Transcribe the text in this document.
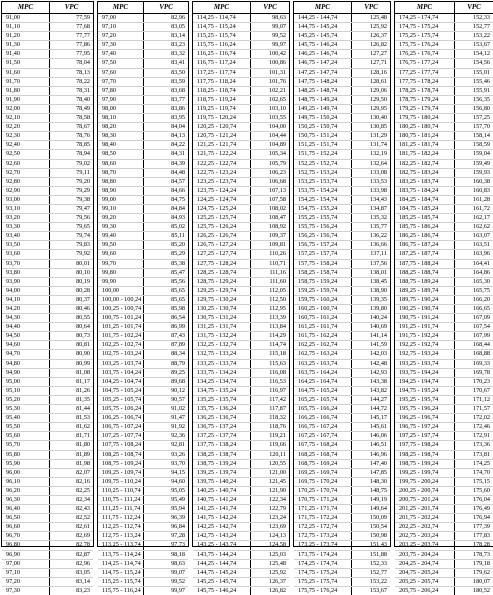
MPC	VPC
91,00	77,59
91,10	77,68
91,20	77,77
91,30	77,86
91,40	77,95
91,50	78,04
91,60	78,13
91,70	78,22
91,80	78,31
91,90	78,40
92,00	78,49
92,10	78,58
92,20	78,67
92,30	78,76
92,40	78,85
92,50	78,94
92,60	79,02
92,70	79,11
92,80	79,20
92,90	79,29
93,00	79,38
93,10	79,47
93,20	79,56
93,30	79,65
93,40	79,74
93,50	79,83
93,60	79,92
93,70	80,01
93,80	80,10
93,90	80,19
94,00	80,28
94,10	80,37
94,20	80,46
94,30	80,55
94,40	80,64
94,50	80,73
94,60	80,81
94,70	80,90
94,80	80,99
94,90	81,08
95,00	81,17
95,10	81,26
95,20	81,35
95,30	81,44
95,40	81,53
95,50	81,62
95,60	81,71
95,70	81,80
95,80	81,89
95,90	81,98
96,00	82,07
96,10	82,16
96,20	82,25
96,30	82,34
96,40	82,43
96,50	82,52
96,60	82,61
96,70	82,69
96,80	82,78
96,90	82,87
97,00	82,96
97,10	83,05
97,20	83,14
97,30	83,23
MPC	VPC
97,00	82,96
97,10	83,05
97,20	83,14
97,30	83,23
97,40	83,32
97,50	83,41
97,60	83,50
97,70	83,59
97,80	83,68
97,90	83,77
98,00	83,86
98,10	83,95
98,20	84,04
98,30	84,13
98,40	84,22
98,50	84,31
98,60	84,39
98,70	84,48
98,80	84,57
98,90	84,66
99,00	84,75
99,10	84,84
99,20	84,93
99,30	85,02
99,40	85,11
99,50	85,20
99,60	85,29
99,70	85,38
99,80	85,47
99,90	85,56
100,00	85,65
100,00 - 100,24	85,65
100,25 - 100,74	85,98
100,75 - 101,24	86,54
101,25 - 101,74	86,99
101,75 - 102,24	87,43
102,25 - 102,74	87,89
102,75 - 103,24	88,34
103,25 - 103,74	88,79
103,75 - 104,24	89,25
104,25 - 104,74	89,68
104,75 - 105,24	90,12
105,25 - 105,74	90,57
105,75 - 106,24	91,02
106,25 - 106,74	91,47
106,75 - 107,24	91,92
107,25 - 107,74	92,36
107,75 - 108,24	92,81
108,25 - 108,74	93,26
108,75 - 109,24	93,70
109,25 - 109,74	94,15
109,75 - 110,24	94,60
110,25 - 110,74	95,05
110,75 - 111,24	95,49
111,25 - 111,74	95,94
111,75 - 112,24	96,39
112,25 - 112,74	96,84
112,75 - 113,24	97,28
113,25 - 113,74	97,73
113,75 - 114,24	98,18
114,25 - 114,74	98,63
114,75 - 115,24	99,07
115,25 - 115,74	99,52
115,75 - 116,24	99,97
MPC	VPC
114,25 - 114,74	98,63
114,75 - 115,24	99,07
115,25 - 115,74	99,52
115,75 - 116,24	99,97
116,25 - 116,74	100,42
116,75 - 117,24	100,86
117,25 - 117,74	101,31
117,75 - 118,24	101,76
118,25 - 118,74	102,21
118,75 - 119,24	102,65
119,25 - 119,74	103,10
119,75 - 120,24	103,55
120,25 - 120,74	104,00
120,75 - 121,24	104,44
121,25 - 121,74	104,89
121,75 - 122,24	105,34
122,25 - 122,74	105,79
122,75 - 123,24	106,23
123,25 - 123,74	106,68
123,75 - 124,24	107,13
124,25 - 124,74	107,58
124,75 - 125,24	108,02
125,25 - 125,74	108,47
125,75 - 126,24	108,92
126,25 - 126,74	109,37
126,75 - 127,24	109,81
127,25 - 127,74	110,26
127,75 - 128,24	110,71
128,25 - 128,74	111,16
128,75 - 129,24	111,60
129,25 - 129,74	112,05
129,75 - 130,24	112,50
130,25 - 130,74	112,95
130,75 - 131,24	113,39
131,25 - 131,74	113,84
131,75 - 132,24	114,29
132,25 - 132,74	114,74
132,75 - 133,24	115,18
133,25 - 133,74	115,63
133,75 - 134,24	116,08
134,25 - 134,74	116,53
134,75 - 135,24	116,97
135,25 - 135,74	117,42
135,75 - 136,24	117,87
136,25 - 136,74	118,32
136,75 - 137,24	118,76
137,25 - 137,74	119,21
137,75 - 138,24	119,66
138,25 - 138,74	120,11
138,75 - 139,24	120,55
139,25 - 139,74	121,00
139,75 - 140,24	121,45
140,25 - 140,74	121,90
140,75 - 141,24	122,34
141,25 - 141,74	122,79
141,75 - 142,24	123,24
142,25 - 142,74	123,69
142,75 - 143,24	124,13
143,25 - 143,74	124,58
143,75 - 144,24	125,03
144,25 - 144,74	125,48
144,75 - 145,24	125,92
145,25 - 145,74	126,37
145,75 - 146,24	126,82
MPC	VPC
144,25 - 144,74	125,48
144,75 - 145,24	125,92
145,25 - 145,74	126,37
145,75 - 146,24	126,82
146,25 - 146,74	127,27
146,75 - 147,24	127,71
147,25 - 147,74	128,16
147,75 - 148,24	128,61
148,25 - 148,74	129,06
148,75 - 149,24	129,50
149,25 - 149,74	129,95
149,75 - 150,24	130,40
150,25 - 150,74	130,85
150,75 - 151,24	131,29
151,25 - 151,74	131,74
151,75 - 152,24	132,19
152,25 - 152,74	132,64
152,75 - 153,24	133,08
153,25 - 153,74	133,53
153,75 - 154,24	133,98
154,25 - 154,74	134,43
154,75 - 155,24	134,87
155,25 - 155,74	135,32
155,75 - 156,24	135,77
156,25 - 156,74	136,22
156,75 - 157,24	136,66
157,25 - 157,74	137,11
157,75 - 158,24	137,56
158,25 - 158,74	138,01
158,75 - 159,24	138,45
159,25 - 159,74	138,90
159,75 - 160,24	139,35
160,25 - 160,74	139,80
160,75 - 161,24	140,24
161,25 - 161,74	140,69
161,75 - 162,24	141,14
162,25 - 162,74	141,59
162,75 - 163,24	142,03
163,25 - 163,74	142,48
163,75 - 164,24	142,93
164,25 - 164,74	143,38
164,75 - 165,24	143,82
165,25 - 165,74	144,27
165,75 - 166,24	144,72
166,25 - 166,74	145,17
166,75 - 167,24	145,61
167,25 - 167,74	146,06
167,75 - 168,24	146,51
168,25 - 168,74	146,96
168,75 - 169,24	147,40
169,25 - 169,74	147,85
169,75 - 170,24	148,30
170,25 - 170,74	148,75
170,75 - 171,24	149,19
171,25 - 171,74	149,64
171,75 - 172,24	150,09
172,25 - 172,74	150,54
172,75 - 173,24	150,98
173,25 - 173,74	151,43
173,75 - 174,24	151,88
174,25 - 174,74	152,33
174,75 - 175,24	152,77
175,25 - 175,74	153,22
175,75 - 176,24	153,67
MPC	VPC
174,25 - 174,74	152,33
174,75 - 175,24	152,77
175,25 - 175,74	153,22
175,75 - 176,24	153,67
176,25 - 176,74	154,12
176,75 - 177,24	154,56
177,25 - 177,74	155,01
177,75 - 178,24	155,46
178,25 - 178,74	155,91
178,75 - 179,24	156,35
179,25 - 179,74	156,80
179,75 - 180,24	157,25
180,25 - 180,74	157,70
180,75 - 181,24	158,14
181,25 - 181,74	158,59
181,75 - 182,24	159,04
182,25 - 182,74	159,49
182,75 - 183,24	159,93
183,25 - 183,74	160,38
183,75 - 184,24	160,83
184,25 - 184,74	161,28
184,75 - 185,24	161,72
185,25 - 185,74	162,17
185,75 - 186,24	162,62
186,25 - 186,74	163,07
186,75 - 187,24	163,51
187,25 - 187,74	163,96
187,75 - 188,24	164,41
188,25 - 188,74	164,86
188,75 - 189,24	165,30
189,25 - 189,74	165,75
189,75 - 190,24	166,20
190,25 - 190,74	166,65
190,75 - 191,24	167,09
191,25 - 191,74	167,54
191,75 - 192,24	167,99
192,25 - 192,74	168,44
192,75 - 193,24	168,88
193,25 - 193,74	169,33
193,75 - 194,24	169,78
194,25 - 194,74	170,23
194,75 - 195,24	170,67
195,25 - 195,74	171,12
195,75 - 196,24	171,57
196,25 - 196,74	172,02
196,75 - 197,24	172,46
197,25 - 197,74	172,91
197,75 - 198,24	173,36
198,25 - 198,74	173,81
198,75 - 199,24	174,25
199,25 - 199,74	174,70
199,75 - 200,24	175,15
200,25 - 200,74	175,60
200,75 - 201,24	176,04
201,25 - 201,74	176,49
201,75 - 202,24	176,94
202,25 - 202,74	177,39
202,75 - 203,24	177,83
203,25 - 203,74	178,28
203,75 - 204,24	178,73
204,25 - 204,74	179,18
204,75 - 205,24	179,62
205,25 - 205,74	180,07
205,75 - 206,24	180,52
